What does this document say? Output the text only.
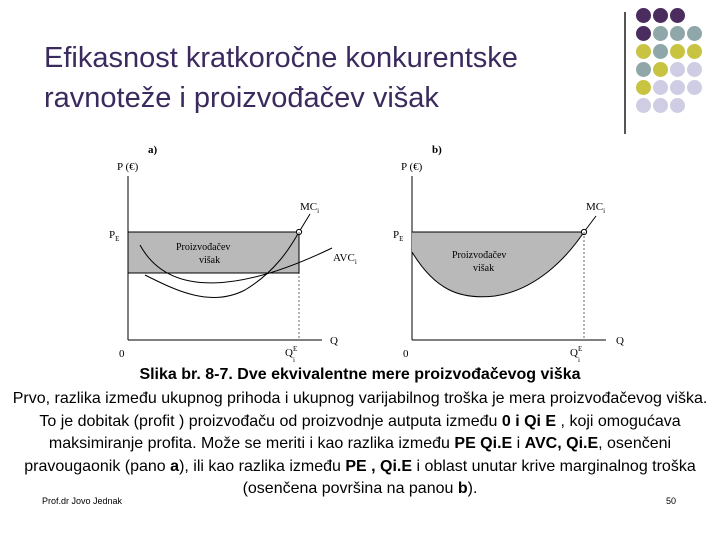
Efikasnost kratkoročne konkurentske
ravnoteže i proizvođačev višak
a)
P (€)
Q
0
$P_E$
$Q^E$
i
$MC_i$
$AVC_i$
Proizvođačev
višak
b)
P (€)
Q
0
$P_E$
$Q^E$
i
$MC_i$
Proizvođačev
višak
Slika br. 8-7. Dve ekvivalentne mere proizvođačevog viška
Prvo, razlika između ukupnog prihoda i ukupnog varijabilnog troška je mera proizvođačevog viška. To je dobitak (profit ) proizvođaču od proizvodnje autputa između 0 i Qi E , koji omogućava maksimiranje profita. Može se meriti i kao razlika između PE Qi.E i AVC, Qi.E, osenčeni pravougaonik (pano a), ili kao razlika između PE , Qi.E i oblast unutar krive marginalnog troška (osenčena površina na panou b).
Prof.dr Jovo Jednak	50
